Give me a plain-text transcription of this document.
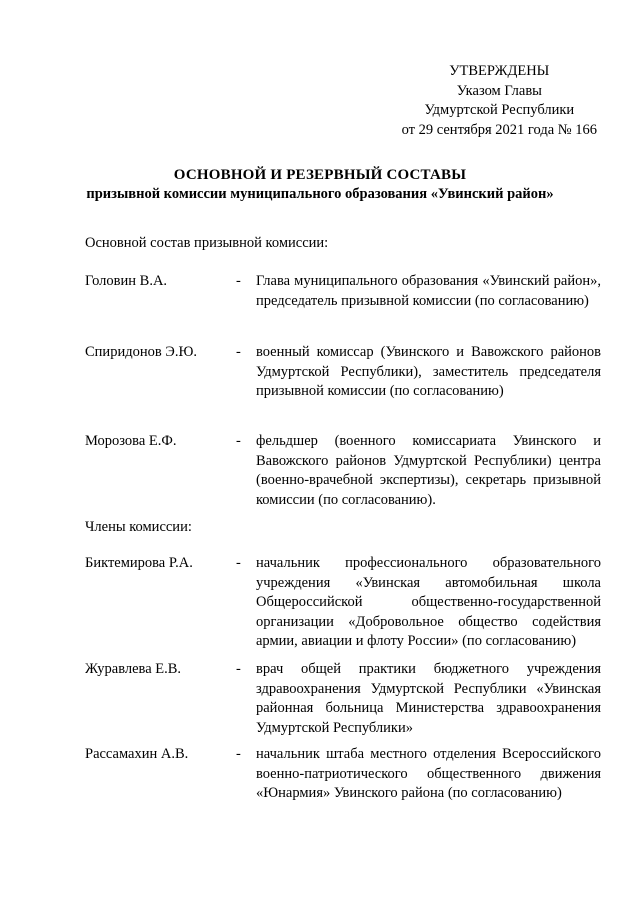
УТВЕРЖДЕНЫ
Указом Главы
Удмуртской Республики
от 29 сентября 2021 года № 166
ОСНОВНОЙ И РЕЗЕРВНЫЙ СОСТАВЫ
призывной комиссии муниципального образования «Увинский район»
Основной состав призывной комиссии:
Головин В.А.	- Глава муниципального образования «Увинский район», председатель призывной комиссии (по согласованию)
Спиридонов Э.Ю.	- военный комиссар (Увинского и Вавожского районов Удмуртской Республики), заместитель председателя призывной комиссии (по согласованию)
Морозова Е.Ф.	- фельдшер (военного комиссариата Увинского и Вавожского районов Удмуртской Республики) центра (военно-врачебной экспертизы), секретарь призывной комиссии (по согласованию).
Члены комиссии:
Биктемирова Р.А.	- начальник профессионального образовательного учреждения «Увинская автомобильная школа Общероссийской общественно-государственной организации «Добровольное общество содействия армии, авиации и флоту России» (по согласованию)
Журавлева Е.В.	- врач общей практики бюджетного учреждения здравоохранения Удмуртской Республики «Увинская районная больница Министерства здравоохранения Удмуртской Республики»
Рассамахин А.В.	- начальник штаба местного отделения Всероссийского военно-патриотического общественного движения «Юнармия» Увинского района (по согласованию)
